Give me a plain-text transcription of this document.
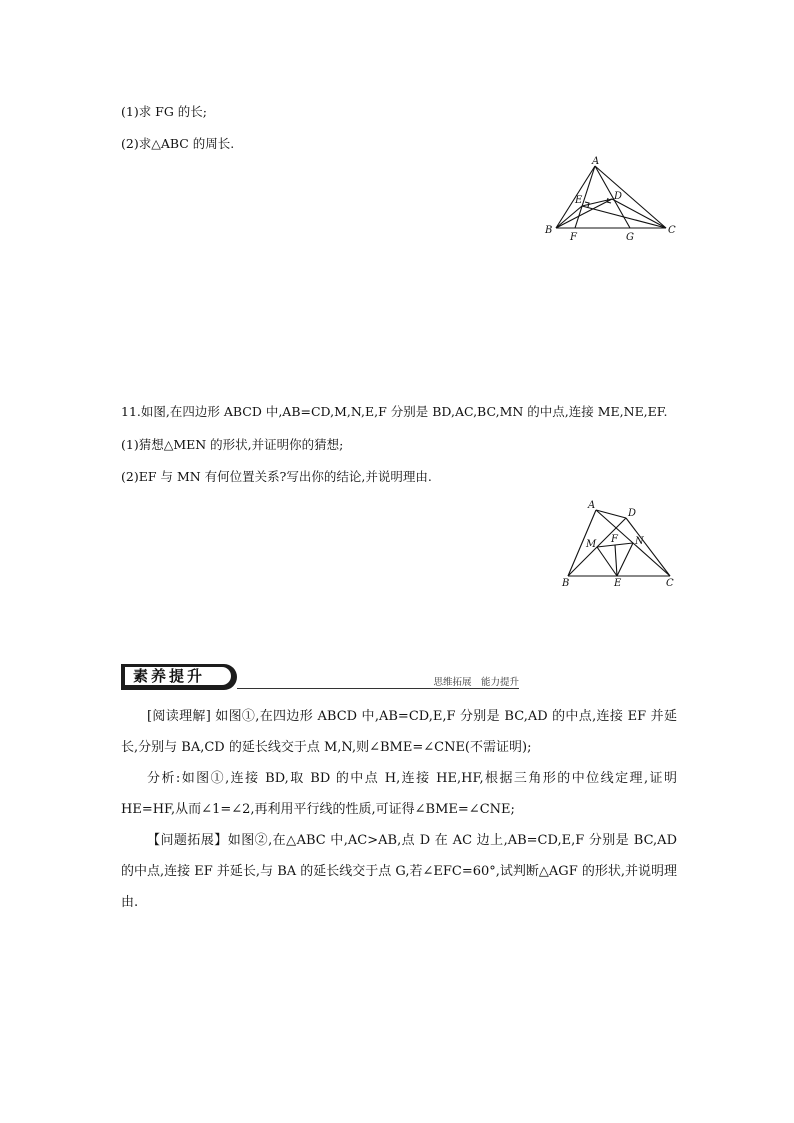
(1)求 FG 的长;
(2)求△ABC 的周长.
A
B	C
D
E
F	G
11.如图,在四边形 ABCD 中,AB=CD,M,N,E,F 分别是 BD,AC,BC,MN 的中点,连接 ME,NE,EF.
(1)猜想△MEN 的形状,并证明你的猜想;
(2)EF 与 MN 有何位置关系?写出你的结论,并说明理由.
A
D
M F N
B	E	C
素养提升	思维拓展　能力提升
[阅读理解] 如图①,在四边形 ABCD 中,AB=CD,E,F 分别是 BC,AD 的中点,连接 EF 并延长,分别与 BA,CD 的延长线交于点 M,N,则∠BME=∠CNE(不需证明);
分析:如图①,连接 BD,取 BD 的中点 H,连接 HE,HF,根据三角形的中位线定理,证明 HE=HF,从而∠1=∠2,再利用平行线的性质,可证得∠BME=∠CNE;
【问题拓展】如图②,在△ABC 中,AC>AB,点 D 在 AC 边上,AB=CD,E,F 分别是 BC,AD 的中点,连接 EF 并延长,与 BA 的延长线交于点 G,若∠EFC=60°,试判断△AGF 的形状,并说明理由.
